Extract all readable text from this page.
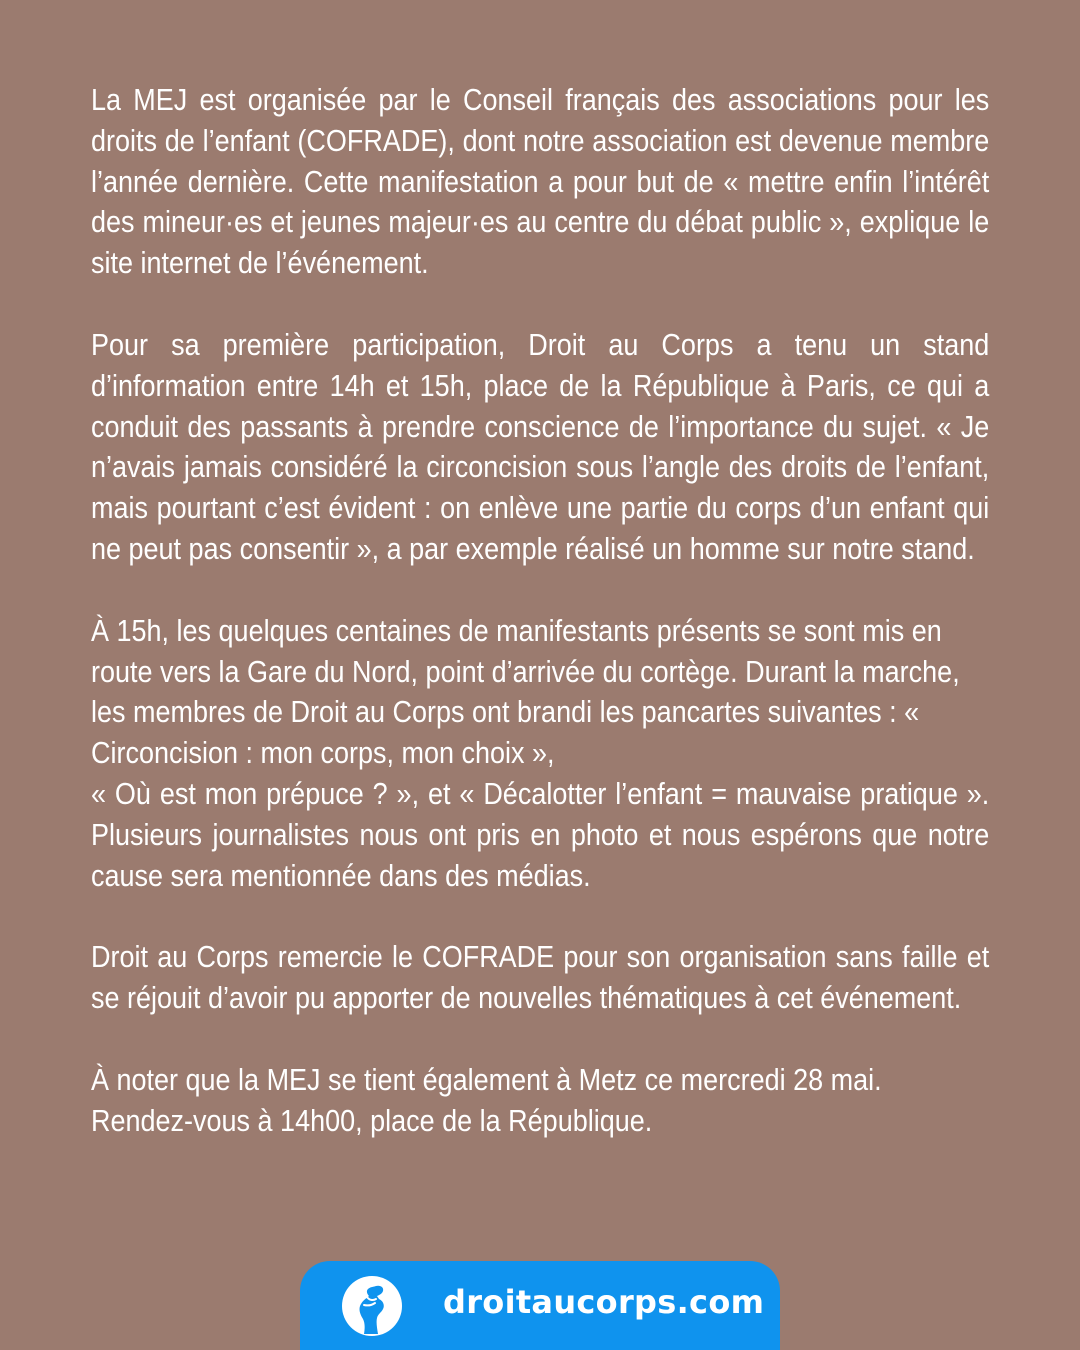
La MEJ est organisée par le Conseil français des associations pour les droits de l’enfant (COFRADE), dont notre association est devenue membre l’année dernière. Cette manifestation a pour but de « mettre enfin l’intérêt des mineur·es et jeunes majeur·es au centre du débat public », explique le site internet de l’événement.

Pour sa première participation, Droit au Corps a tenu un stand d’information entre 14h et 15h, place de la République à Paris, ce qui a conduit des passants à prendre conscience de l’importance du sujet. « Je n’avais jamais considéré la circoncision sous l’angle des droits de l’enfant, mais pourtant c’est évident : on enlève une partie du corps d’un enfant qui ne peut pas consentir », a par exemple réalisé un homme sur notre stand.

À 15h, les quelques centaines de manifestants présents se sont mis en route vers la Gare du Nord, point d’arrivée du cortège. Durant la marche, les membres de Droit au Corps ont brandi les pancartes suivantes : « Circoncision : mon corps, mon choix »,
« Où est mon prépuce ? », et « Décalotter l’enfant = mauvaise pratique ». Plusieurs journalistes nous ont pris en photo et nous espérons que notre cause sera mentionnée dans des médias.

Droit au Corps remercie le COFRADE pour son organisation sans faille et se réjouit d’avoir pu apporter de nouvelles thématiques à cet événement.

À noter que la MEJ se tient également à Metz ce mercredi 28 mai.
Rendez-vous à 14h00, place de la République.

droitaucorps.com
